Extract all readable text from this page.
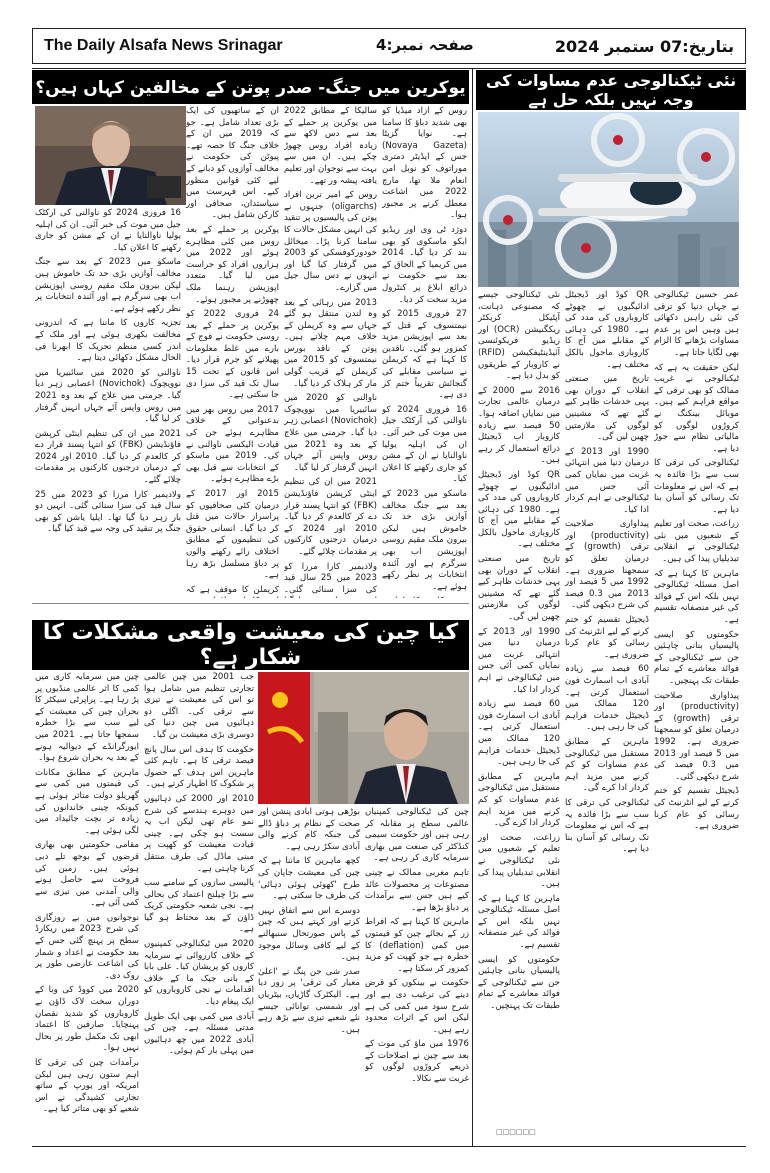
The Daily Alsafa News Srinagar	صفحہ نمبر:4	بتاریخ:07 ستمبر 2024
یوکرین میں جنگ- صدر پوتن کے مخالفین کہاں ہیں؟

ان کے ساتھیوں کی ایک بڑی تعداد شامل ہے۔ جو کہ 2019 میں ان کے خلاف جنگ کا حصہ تھے۔ پیوٹن کی حکومت نے مخالف آوازوں کو دبانے کے لیے کئی قوانین منظور کیے۔ اس فہرست میں سیاستدان، صحافی اور کارکن شامل ہیں۔

یوکرین پر حملے کے بعد روس میں کئی مظاہرے ہوئے اور 2022 میں ہزاروں افراد کو حراست میں لیا گیا۔ متعدد اپوزیشن رہنما ملک چھوڑنے پر مجبور ہوئے۔

24 فروری 2022 کو یوکرین پر حملے کے بعد روسی حکومت نے فوج کے بارے میں غلط معلومات پھیلانے کو جرم قرار دیا۔ اس قانون کے تحت 15 سال تک قید کی سزا دی جا سکتی ہے۔

2017 میں روس بھر میں بدعنوانی کے خلاف مظاہرے ہوئے جن کی قیادت الیکسی ناوالنی نے کی۔ 2019 میں ماسکو کے انتخابات سے قبل بھی بڑے مظاہرے ہوئے۔

2015 اور 2017 کے درمیان کئی صحافیوں کو پراسرار حالات میں قتل کر دیا گیا۔ انسانی حقوق کی تنظیموں کے مطابق اختلاف رائے رکھنے والوں پر دباؤ مسلسل بڑھ رہا ہے۔

کریملن کا موقف ہے کہ

سالیکا کے مطابق 2022 میں یوکرین پر حملے کے بعد سے دس لاکھ سے زیادہ افراد روس چھوڑ چکے ہیں۔ ان میں سے بہت سے نوجوان اور تعلیم یافتہ پیشہ ور تھے۔

روس کے امیر ترین افراد (oligarchs) جنہوں نے پوتن کی پالیسیوں پر تنقید کی انہیں مشکل حالات کا سامنا کرنا پڑا۔ میخائل خودورکوفسکی کو 2003 میں گرفتار کیا گیا اور انہوں نے دس سال جیل میں گزارے۔

2013 میں رہائی کے بعد وہ لندن منتقل ہو گئے جہاں سے وہ کریملن کے خلاف مہم چلاتے ہیں۔ پوتن کے ناقد بورس نیمتسوف کو 2015 میں کریملن کے قریب گولی مار کر ہلاک کر دیا گیا۔

ناوالنی کو 2020 میں سائبیریا میں نوویچوک (Novichok) اعصابی زہر دیا گیا۔ جرمنی میں علاج کے بعد وہ 2021 میں روس واپس آئے جہاں انہیں گرفتار کر لیا گیا۔

2021 میں ان کی تنظیم اینٹی کرپشن فاؤنڈیشن (FBK) کو انتہا پسند قرار دے کر کالعدم کر دیا گیا۔ 2010 اور 2024 کے درمیان درجنوں کارکنوں پر مقدمات چلائے گئے۔

ولادیمیر کارا مرزا کو 2023 میں 25 سال قید کی سزا سنائی گئی۔

روس کے آزاد میڈیا کو بھی شدید دباؤ کا سامنا ہے۔ نوایا گزیٹا (Novaya Gazeta) جس کے ایڈیٹر دمتری موراتوف کو نوبل امن انعام ملا تھا، مارچ 2022 میں اشاعت معطل کرنے پر مجبور ہوا۔

دوژد ٹی وی اور ریڈیو ایکو ماسکوی کو بھی بند کر دیا گیا۔ 2014 میں کریمیا کے الحاق کے بعد سے حکومت نے ذرائع ابلاغ پر کنٹرول مزید سخت کر دیا۔

27 فروری 2015 کو نیمتسوف کے قتل کے بعد سے اپوزیشن مزید کمزور ہو گئی۔ ناقدین کا کہنا ہے کہ کریملن نے سیاسی مقابلے کی گنجائش تقریباً ختم کر دی ہے۔

16 فروری 2024 کو ناوالنی کی آرکٹک جیل میں موت کی خبر آئی۔ ان کی اہلیہ یولیا ناوالنایا نے ان کے مشن کو جاری رکھنے کا اعلان کیا۔

ماسکو میں 2023 کے بعد سے جنگ مخالف آوازیں بڑی حد تک خاموش ہیں لیکن بیرون ملک مقیم روسی اپوزیشن اب بھی سرگرم ہے اور آئندہ انتخابات پر نظر رکھے ہوئے ہے۔

16 فروری 2024 کو ناوالنی کی آرکٹک جیل میں موت کی خبر آئی۔ ان کی اہلیہ یولیا ناوالنایا نے ان کے مشن کو جاری رکھنے کا اعلان کیا۔

ماسکو میں 2023 کے بعد سے جنگ مخالف آوازیں بڑی حد تک خاموش ہیں لیکن بیرون ملک مقیم روسی اپوزیشن اب بھی سرگرم ہے اور آئندہ انتخابات پر نظر رکھے ہوئے ہے۔

تجزیہ کاروں کا ماننا ہے کہ اندرونی مخالفت بکھری ہوئی ہے اور ملک کے اندر کسی منظم تحریک کا ابھرنا فی الحال مشکل دکھائی دیتا ہے۔

ناوالنی کو 2020 میں سائبیریا میں نوویچوک (Novichok) اعصابی زہر دیا گیا۔ جرمنی میں علاج کے بعد وہ 2021 میں روس واپس آئے جہاں انہیں گرفتار کر لیا گیا۔

2021 میں ان کی تنظیم اینٹی کرپشن فاؤنڈیشن (FBK) کو انتہا پسند قرار دے کر کالعدم کر دیا گیا۔ 2010 اور 2024 کے درمیان درجنوں کارکنوں پر مقدمات چلائے گئے۔

ولادیمیر کارا مرزا کو 2023 میں 25 سال قید کی سزا سنائی گئی۔ انہیں دو بار زہر دیا گیا تھا۔ ایلیا یاشن کو بھی جنگ پر تنقید کی وجہ سے قید کیا گیا۔

کیا چین کی معیشت واقعی مشکلات کا شکار ہے؟

چین میں سرمایہ کاری میں کمی کا اثر عالمی منڈیوں پر پڑ رہا ہے۔ پراپرٹی سیکٹر کا بحران چین کی معیشت کے لیے سب سے بڑا خطرہ سمجھا جاتا ہے۔ 2021 میں ایورگرانڈے کے دیوالیہ ہونے کے بعد یہ بحران شروع ہوا۔

ماہرین کے مطابق مکانات کی قیمتوں میں کمی سے گھریلو دولت متاثر ہوئی ہے کیونکہ چینی خاندانوں کی زیادہ تر بچت جائیداد میں لگی ہوئی ہے۔

مقامی حکومتیں بھی بھاری قرضوں کے بوجھ تلے دبی ہوئی ہیں۔ زمین کی فروخت سے حاصل ہونے والی آمدنی میں تیزی سے کمی آئی ہے۔

نوجوانوں میں بے روزگاری کی شرح 2023 میں ریکارڈ سطح پر پہنچ گئی جس کے بعد حکومت نے اعداد و شمار کی اشاعت عارضی طور پر روک دی۔

2020 میں کووڈ کی وبا کے دوران سخت لاک ڈاؤن نے کاروباروں کو شدید نقصان پہنچایا۔ صارفین کا اعتماد ابھی تک مکمل طور پر بحال نہیں ہوا۔

برآمدات چین کی ترقی کا اہم ستون رہی ہیں لیکن امریکہ اور یورپ کے ساتھ تجارتی کشیدگی نے اس شعبے کو بھی متاثر کیا ہے۔

جب 2001 میں چین عالمی تجارتی تنظیم میں شامل ہوا تو اس کی معیشت نے تیزی سے ترقی کی۔ اگلی دو دہائیوں میں چین دنیا کی دوسری بڑی معیشت بن گیا۔

حکومت کا ہدف اس سال پانچ فیصد ترقی کا ہے۔ تاہم کئی ماہرین اس ہدف کے حصول پر شکوک کا اظہار کرتے ہیں۔

2010 اور 2000 کی دہائیوں میں دوہرے ہندسے کی شرح نمو عام تھی لیکن اب یہ سست ہو چکی ہے۔ چینی قیادت معیشت کو کھپت پر مبنی ماڈل کی طرف منتقل کرنا چاہتی ہے۔

پالیسی سازوں کے سامنے سب سے بڑا چیلنج اعتماد کی بحالی ہے۔ نجی شعبہ حکومتی کریک ڈاؤن کے بعد محتاط ہو گیا ہے۔

2020 میں ٹیکنالوجی کمپنیوں کے خلاف کارروائی نے سرمایہ کاروں کو پریشان کیا۔ علی بابا کے بانی جیک ما کے خلاف اقدامات نے نجی کاروباروں کو ایک پیغام دیا۔

آبادی میں کمی بھی ایک طویل مدتی مسئلہ ہے۔ چین کی آبادی 2022 میں چھ دہائیوں میں پہلی بار کم ہوئی۔

بوڑھی ہوتی آبادی پنشن اور صحت کے نظام پر دباؤ ڈالے گی جبکہ کام کرنے والی آبادی سکڑ رہی ہے۔

کچھ ماہرین کا ماننا ہے کہ چین کی معیشت جاپان کی طرح 'کھوئی ہوئی دہائی' کی طرف جا سکتی ہے۔

دوسرے اس سے اتفاق نہیں کرتے اور کہتے ہیں کہ چین کے پاس صورتحال سنبھالنے کے لیے کافی وسائل موجود ہیں۔

صدر شی جن پنگ نے 'اعلیٰ معیار کی ترقی' پر زور دیا ہے۔ الیکٹرک گاڑیاں، بیٹریاں اور شمسی توانائی جیسے نئے شعبے تیزی سے بڑھ رہے ہیں۔

چین کی ٹیکنالوجی کمپنیاں عالمی سطح پر مقابلہ کر رہی ہیں اور حکومت سیمی کنڈکٹر کی صنعت میں بھاری سرمایہ کاری کر رہی ہے۔

تاہم مغربی ممالک نے چینی مصنوعات پر محصولات عائد کیے ہیں جس سے برآمدات پر دباؤ بڑھا ہے۔

ماہرین کا کہنا ہے کہ افراط زر کے بجائے چین کو قیمتوں میں کمی (deflation) کا خطرہ ہے جو کھپت کو مزید کمزور کر سکتا ہے۔

حکومت نے بینکوں کو قرض دینے کی ترغیب دی ہے اور شرح سود میں کمی کی ہے لیکن اس کے اثرات محدود رہے ہیں۔

1976 میں ماؤ کی موت کے بعد سے چین نے اصلاحات کے ذریعے کروڑوں لوگوں کو غربت سے نکالا۔

نئی ٹیکنالوجی عدم مساوات کی وجہ نہیں بلکہ حل ہے

نئی ٹیکنالوجی جیسے کہ مصنوعی ذہانت، آپٹیکل کریکٹر ریکگنیشن (OCR) اور ریڈیو فریکوئنسی آئیڈینٹیفکیشن (RFID) نے کاروبار کے طریقوں کو بدل دیا ہے۔

2016 سے 2000 کے درمیان عالمی تجارت میں نمایاں اضافہ ہوا۔ 50 فیصد سے زیادہ کاروبار اب ڈیجیٹل ذرائع استعمال کر رہے ہیں۔

QR کوڈ اور ڈیجیٹل ادائیگیوں نے چھوٹے کاروباروں کی مدد کی ہے۔ 1980 کی دہائی کے مقابلے میں آج کا کاروباری ماحول بالکل مختلف ہے۔

تاریخ میں صنعتی انقلاب کے دوران بھی یہی خدشات ظاہر کیے گئے تھے کہ مشینیں لوگوں کی ملازمتیں چھین لیں گی۔

1990 اور 2013 کے درمیان دنیا میں انتہائی غربت میں نمایاں کمی آئی جس میں ٹیکنالوجی نے اہم کردار ادا کیا۔

60 فیصد سے زیادہ آبادی اب اسمارٹ فون استعمال کرتی ہے۔ 120 ممالک میں ڈیجیٹل خدمات فراہم کی جا رہی ہیں۔

ماہرین کے مطابق مستقبل میں ٹیکنالوجی عدم مساوات کو کم کرنے میں مزید اہم کردار ادا کرے گی۔

زراعت، صحت اور تعلیم کے شعبوں میں نئی ٹیکنالوجی نے انقلابی تبدیلیاں پیدا کی ہیں۔

ماہرین کا کہنا ہے کہ اصل مسئلہ ٹیکنالوجی نہیں بلکہ اس کے فوائد کی غیر منصفانہ تقسیم ہے۔

حکومتوں کو ایسی پالیسیاں بنانی چاہئیں جن سے ٹیکنالوجی کے فوائد معاشرے کے تمام طبقات تک پہنچیں۔

QR کوڈ اور ڈیجیٹل ادائیگیوں نے چھوٹے کاروباروں کی مدد کی ہے۔ 1980 کی دہائی کے مقابلے میں آج کا کاروباری ماحول بالکل مختلف ہے۔

تاریخ میں صنعتی انقلاب کے دوران بھی یہی خدشات ظاہر کیے گئے تھے کہ مشینیں لوگوں کی ملازمتیں چھین لیں گی۔

1990 اور 2013 کے درمیان دنیا میں انتہائی غربت میں نمایاں کمی آئی جس میں ٹیکنالوجی نے اہم کردار ادا کیا۔

پیداواری صلاحیت (productivity) اور ترقی (growth) کے درمیان تعلق کو سمجھنا ضروری ہے۔ 1992 میں 5 فیصد اور 2013 میں 0.3 فیصد کی شرح دیکھی گئی۔

ڈیجیٹل تقسیم کو ختم کرنے کے لیے انٹرنیٹ کی رسائی کو عام کرنا ضروری ہے۔

60 فیصد سے زیادہ آبادی اب اسمارٹ فون استعمال کرتی ہے۔ 120 ممالک میں ڈیجیٹل خدمات فراہم کی جا رہی ہیں۔

ماہرین کے مطابق مستقبل میں ٹیکنالوجی عدم مساوات کو کم کرنے میں مزید اہم کردار ادا کرے گی۔

ٹیکنالوجی کی ترقی کا سب سے بڑا فائدہ یہ ہے کہ اس نے معلومات تک رسائی کو آسان بنا دیا ہے۔

عمر حسین ٹیکنالوجی نے جہاں دنیا کو ترقی کی نئی راہیں دکھائی ہیں وہیں اس پر عدم مساوات بڑھانے کا الزام بھی لگایا جاتا ہے۔

لیکن حقیقت یہ ہے کہ ٹیکنالوجی نے غریب ممالک کو بھی ترقی کے مواقع فراہم کیے ہیں۔ موبائل بینکنگ نے کروڑوں لوگوں کو مالیاتی نظام سے جوڑ دیا ہے۔

ٹیکنالوجی کی ترقی کا سب سے بڑا فائدہ یہ ہے کہ اس نے معلومات تک رسائی کو آسان بنا دیا ہے۔

زراعت، صحت اور تعلیم کے شعبوں میں نئی ٹیکنالوجی نے انقلابی تبدیلیاں پیدا کی ہیں۔

ماہرین کا کہنا ہے کہ اصل مسئلہ ٹیکنالوجی نہیں بلکہ اس کے فوائد کی غیر منصفانہ تقسیم ہے۔

حکومتوں کو ایسی پالیسیاں بنانی چاہئیں جن سے ٹیکنالوجی کے فوائد معاشرے کے تمام طبقات تک پہنچیں۔

پیداواری صلاحیت (productivity) اور ترقی (growth) کے درمیان تعلق کو سمجھنا ضروری ہے۔ 1992 میں 5 فیصد اور 2013 میں 0.3 فیصد کی شرح دیکھی گئی۔

ڈیجیٹل تقسیم کو ختم کرنے کے لیے انٹرنیٹ کی رسائی کو عام کرنا ضروری ہے۔

□□□□□□
